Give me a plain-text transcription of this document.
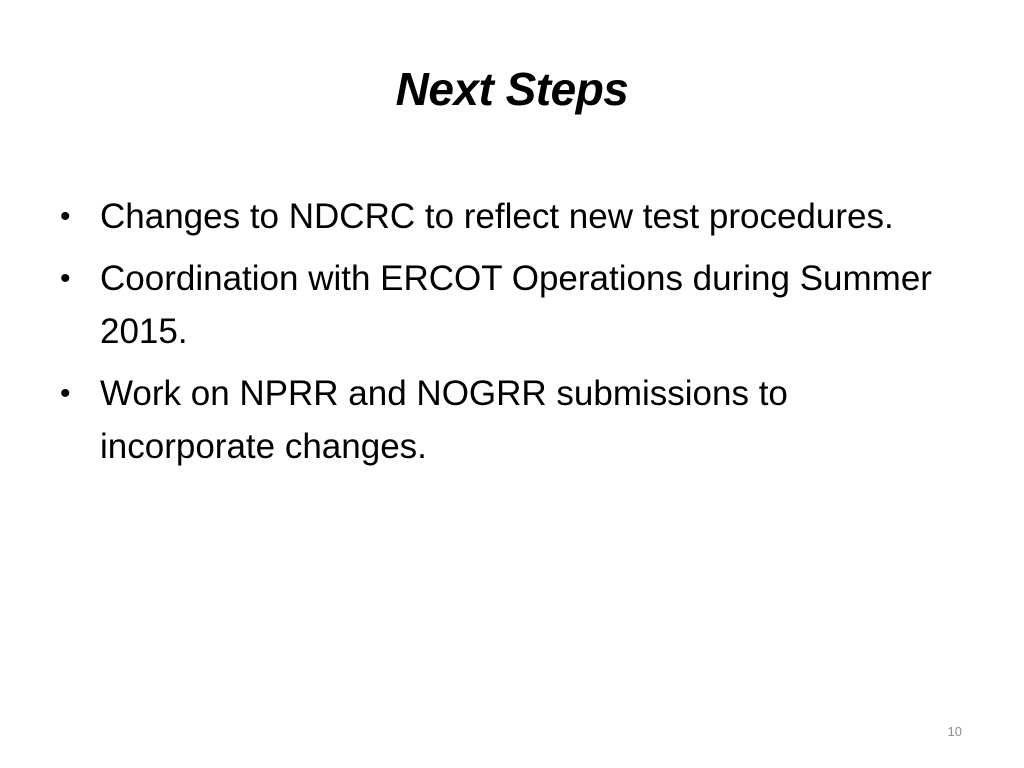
Next Steps
• Changes to NDCRC to reflect new test procedures.
• Coordination with ERCOT Operations during Summer 2015.
• Work on NPRR and NOGRR submissions to incorporate changes.
10
